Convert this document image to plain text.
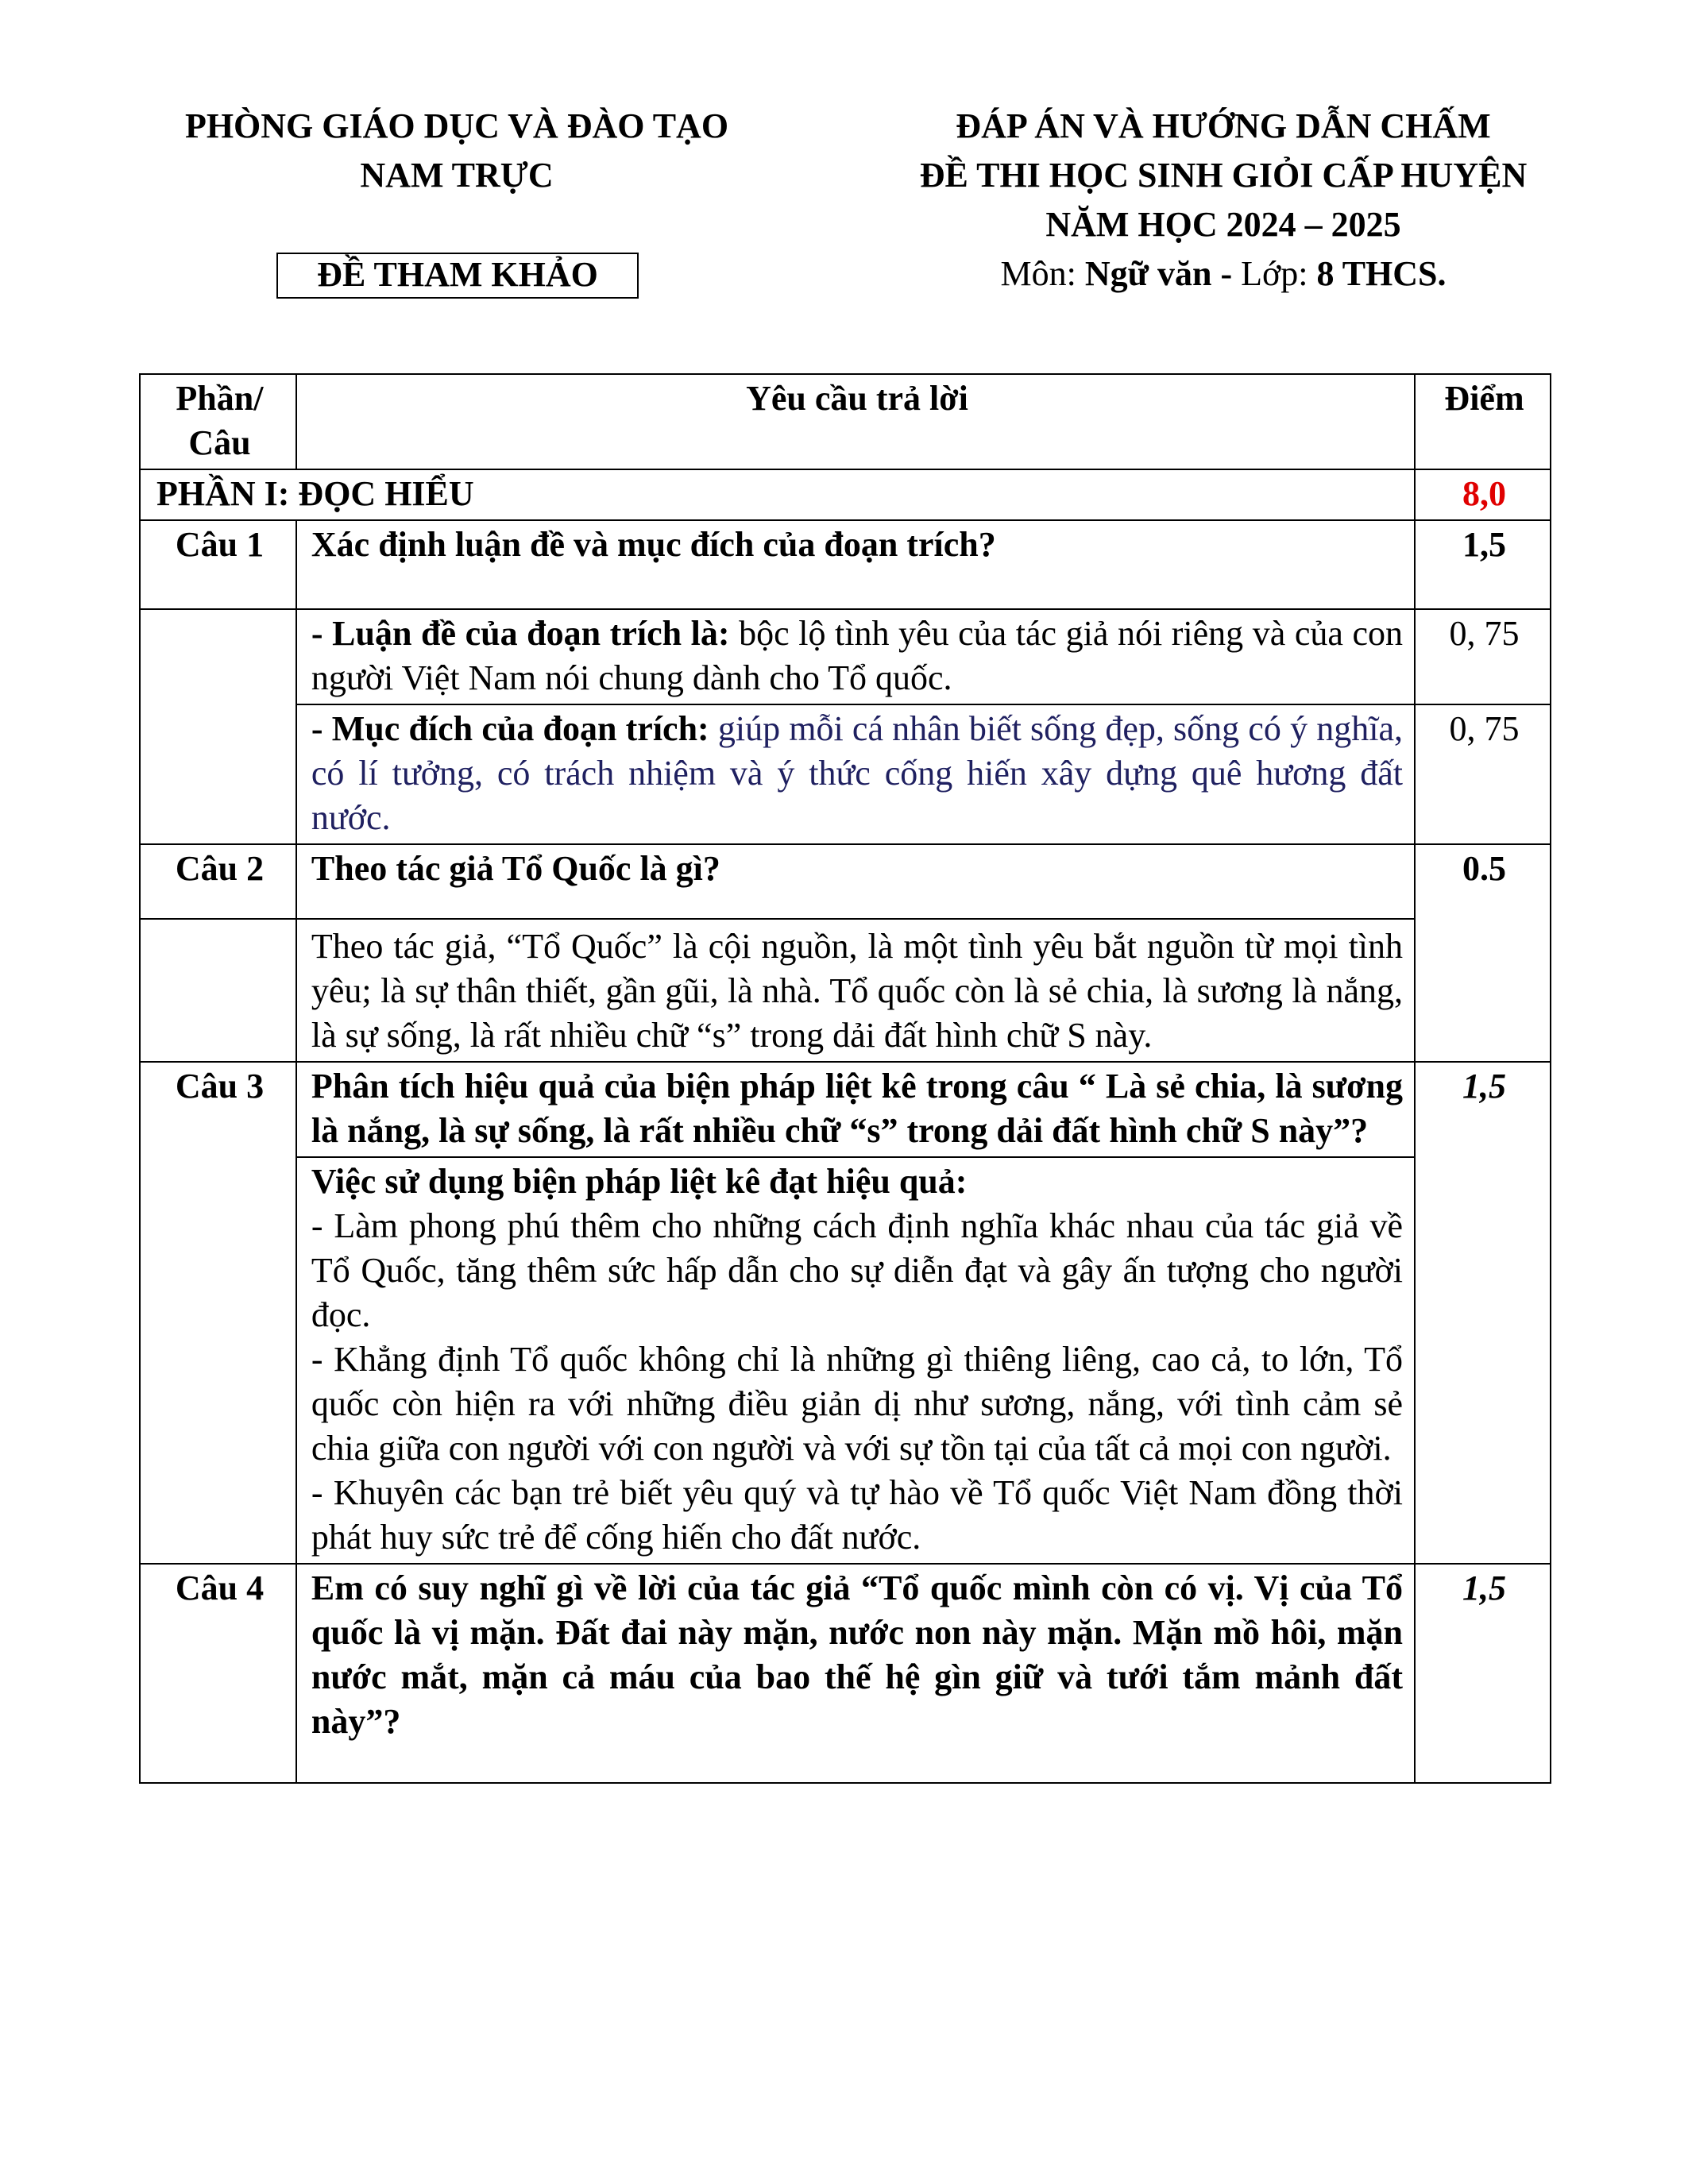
PHÒNG GIÁO DỤC VÀ ĐÀO TẠO
NAM TRỰC
ĐỀ THAM KHẢO
ĐÁP ÁN VÀ HƯỚNG DẪN CHẤM
ĐỀ THI HỌC SINH GIỎI CẤP HUYỆN
NĂM HỌC 2024 – 2025
Môn: Ngữ văn - Lớp: 8 THCS.
Phần/ Câu	Yêu cầu trả lời	Điểm
PHẦN I: ĐỌC HIỂU		8,0
Câu 1	Xác định luận đề và mục đích của đoạn trích?	1,5
	- Luận đề của đoạn trích là: bộc lộ tình yêu của tác giả nói riêng và của con người Việt Nam nói chung dành cho Tổ quốc.	0, 75
	- Mục đích của đoạn trích: giúp mỗi cá nhân biết sống đẹp, sống có ý nghĩa, có lí tưởng, có trách nhiệm và ý thức cống hiến xây dựng quê hương đất nước.	0, 75
Câu 2	Theo tác giả Tổ Quốc là gì?	0.5
	Theo tác giả, “Tổ Quốc” là cội nguồn, là một tình yêu bắt nguồn từ mọi tình yêu; là sự thân thiết, gần gũi, là nhà. Tổ quốc còn là sẻ chia, là sương là nắng, là sự sống, là rất nhiều chữ “s” trong dải đất hình chữ S này.	
Câu 3	Phân tích hiệu quả của biện pháp liệt kê trong câu “ Là sẻ chia, là sương là nắng, là sự sống, là rất nhiều chữ “s” trong dải đất hình chữ S này”?	1,5

	Việc sử dụng biện pháp liệt kê đạt hiệu quả:

- Làm phong phú thêm cho những cách định nghĩa khác nhau của tác giả về Tổ Quốc, tăng thêm sức hấp dẫn cho sự diễn đạt và gây ấn tượng cho người đọc.

- Khẳng định Tổ quốc không chỉ là những gì thiêng liêng, cao cả, to lớn, Tổ quốc còn hiện ra với những điều giản dị như sương, nắng, với tình cảm sẻ chia giữa con người với con người và với sự tồn tại của tất cả mọi con người.

- Khuyên các bạn trẻ biết yêu quý và tự hào về Tổ quốc Việt Nam đồng thời phát huy sức trẻ để cống hiến cho đất nước.	

Câu 4	Em có suy nghĩ gì về lời của tác giả “Tổ quốc mình còn có vị. Vị của Tổ quốc là vị mặn. Đất đai này mặn, nước non này mặn. Mặn mồ hôi, mặn nước mắt, mặn cả máu của bao thế hệ gìn giữ và tưới tắm mảnh đất này”?	1,5
